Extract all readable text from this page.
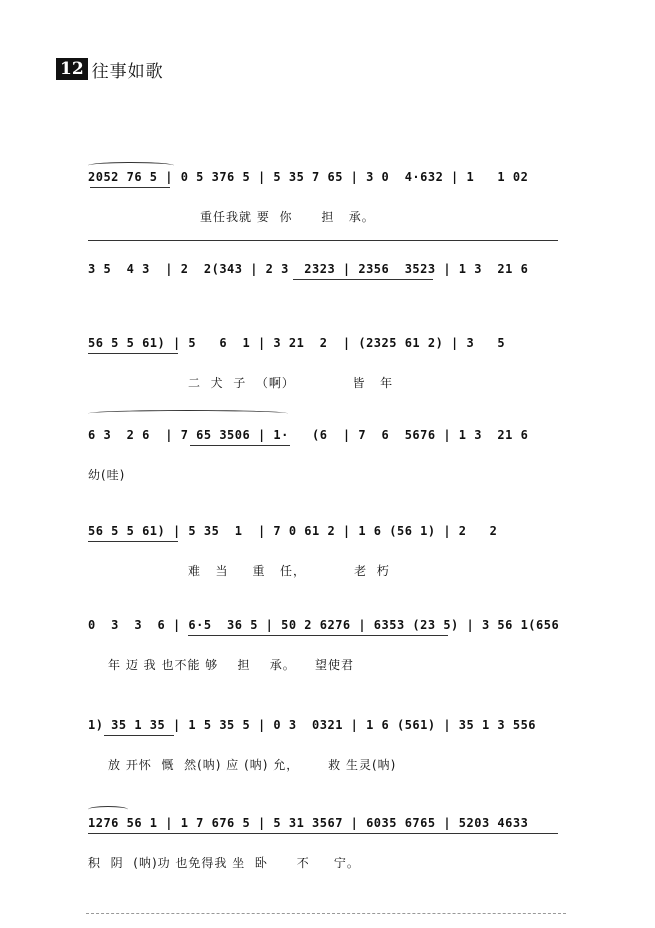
12 往事如歌
2052 76 5 | 0 5 376 5 | 5 35 7 65 | 3 0  4·632 | 1   1 02
重任我就 要  你      担   承。
3 5  4 3  | 2  2(343 | 2 3  2323 | 2356  3523 | 1 3  21 6
56 5 5 61) | 5   6  1 | 3 21  2  | (2325 61 2) | 3   5
二  犬  子  （啊）            皆   年
6 3  2 6  | 7 65 3506 | 1·   (6  | 7  6  5676 | 1 3  21 6
幼(哇)
56 5 5 61) | 5 35  1  | 7 0 61 2 | 1 6 (56 1) | 2   2
难   当     重   任，          老  朽
0  3  3  6 | 6·5  36 5 | 50 2 6276 | 6353 (23 5) | 3 56 1(656
年 迈 我 也不能 够    担    承。    望使君
1) 35 1 35 | 1 5 35 5 | 0 3  0321 | 1 6 (561) | 35 1 3 556
放 开怀  慨  然(呐) 应 (呐) 允，      救 生灵(呐)
1276 56 1 | 1 7 676 5 | 5 31 3567 | 6035 6765 | 5203 4633
积  阴  (呐)功 也免得我 坐  卧      不     宁。
